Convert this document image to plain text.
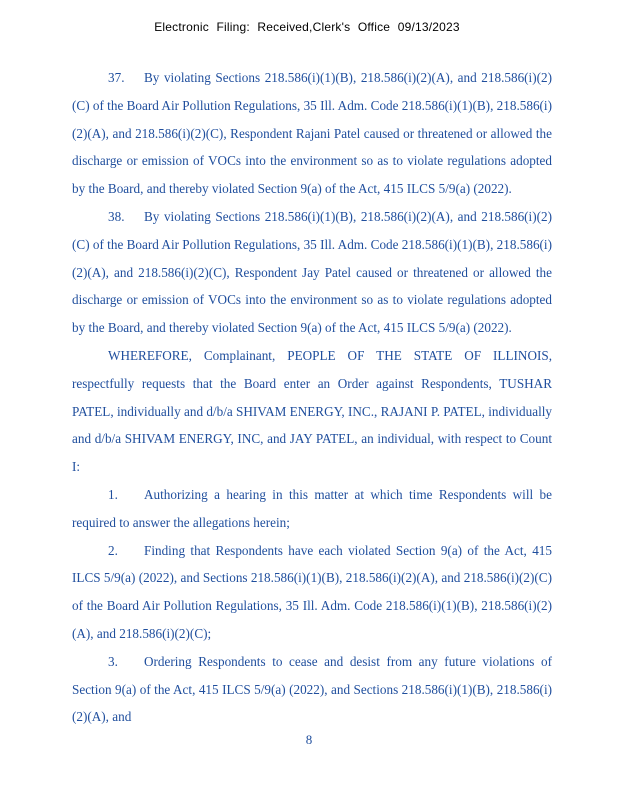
Electronic Filing: Received,Clerk's Office 09/13/2023

37. By violating Sections 218.586(i)(1)(B), 218.586(i)(2)(A), and 218.586(i)(2)(C) of the Board Air Pollution Regulations, 35 Ill. Adm. Code 218.586(i)(1)(B), 218.586(i)(2)(A), and 218.586(i)(2)(C), Respondent Rajani Patel caused or threatened or allowed the discharge or emission of VOCs into the environment so as to violate regulations adopted by the Board, and thereby violated Section 9(a) of the Act, 415 ILCS 5/9(a) (2022).

38. By violating Sections 218.586(i)(1)(B), 218.586(i)(2)(A), and 218.586(i)(2)(C) of the Board Air Pollution Regulations, 35 Ill. Adm. Code 218.586(i)(1)(B), 218.586(i)(2)(A), and 218.586(i)(2)(C), Respondent Jay Patel caused or threatened or allowed the discharge or emission of VOCs into the environment so as to violate regulations adopted by the Board, and thereby violated Section 9(a) of the Act, 415 ILCS 5/9(a) (2022).

WHEREFORE, Complainant, PEOPLE OF THE STATE OF ILLINOIS, respectfully requests that the Board enter an Order against Respondents, TUSHAR PATEL, individually and d/b/a SHIVAM ENERGY, INC., RAJANI P. PATEL, individually and d/b/a SHIVAM ENERGY, INC, and JAY PATEL, an individual, with respect to Count I:

1. Authorizing a hearing in this matter at which time Respondents will be required to answer the allegations herein;

2. Finding that Respondents have each violated Section 9(a) of the Act, 415 ILCS 5/9(a) (2022), and Sections 218.586(i)(1)(B), 218.586(i)(2)(A), and 218.586(i)(2)(C) of the Board Air Pollution Regulations, 35 Ill. Adm. Code 218.586(i)(1)(B), 218.586(i)(2)(A), and 218.586(i)(2)(C);

3. Ordering Respondents to cease and desist from any future violations of Section 9(a) of the Act, 415 ILCS 5/9(a) (2022), and Sections 218.586(i)(1)(B), 218.586(i)(2)(A), and

8
